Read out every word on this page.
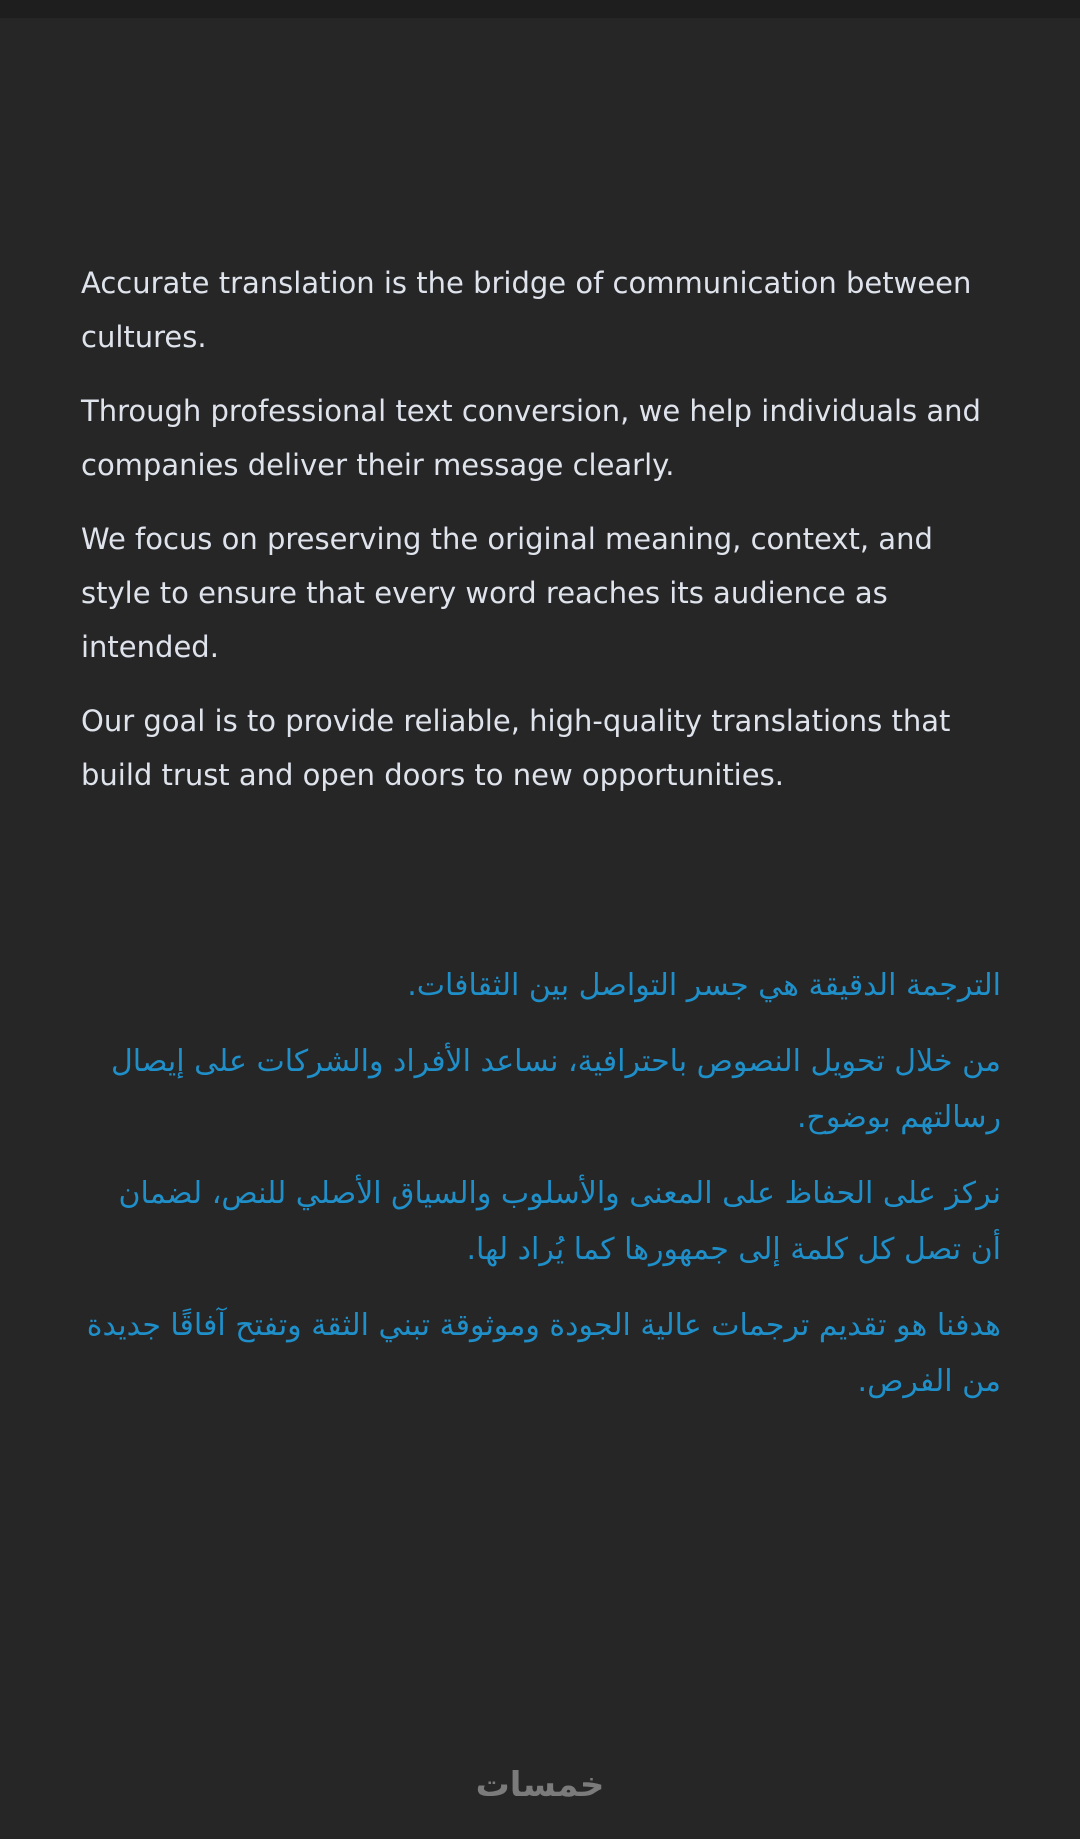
Accurate translation is the bridge of communication between cultures.

Through professional text conversion, we help individuals and companies deliver their message clearly.

We focus on preserving the original meaning, context, and style to ensure that every word reaches its audience as intended.

Our goal is to provide reliable, high-quality translations that build trust and open doors to new opportunities.

الترجمة الدقيقة هي جسر التواصل بين الثقافات.

من خلال تحويل النصوص باحترافية، نساعد الأفراد والشركات على إيصال رسالتهم بوضوح.

نركز على الحفاظ على المعنى والأسلوب والسياق الأصلي للنص، لضمان أن تصل كل كلمة إلى جمهورها كما يُراد لها.

هدفنا هو تقديم ترجمات عالية الجودة وموثوقة تبني الثقة وتفتح آفاقًا جديدة من الفرص.

خمسات
